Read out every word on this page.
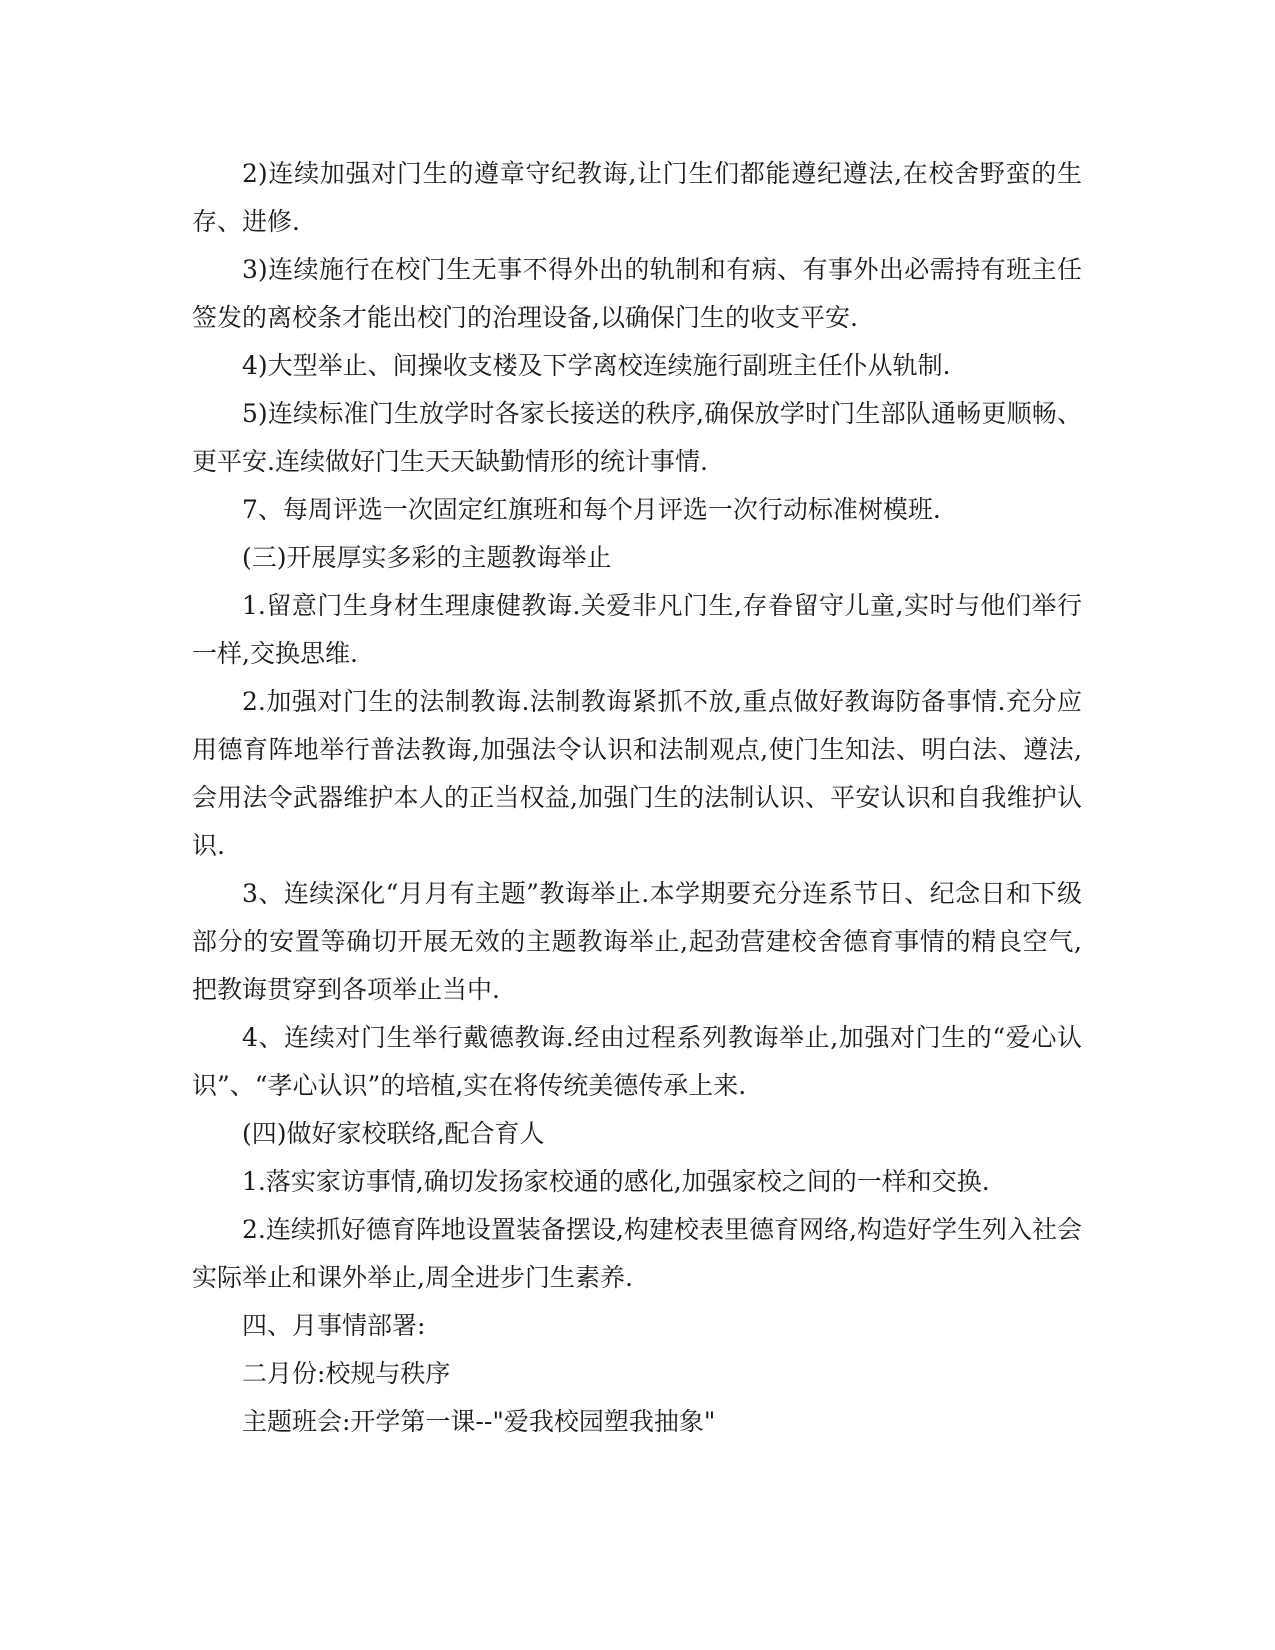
2)连续加强对门生的遵章守纪教诲,让门生们都能遵纪遵法,在校舍野蛮的生存、进修.

3)连续施行在校门生无事不得外出的轨制和有病、有事外出必需持有班主任签发的离校条才能出校门的治理设备,以确保门生的收支平安.

4)大型举止、间操收支楼及下学离校连续施行副班主任仆从轨制.

5)连续标准门生放学时各家长接送的秩序,确保放学时门生部队通畅更顺畅、更平安.连续做好门生天天缺勤情形的统计事情.

7、每周评选一次固定红旗班和每个月评选一次行动标准树模班.

(三)开展厚实多彩的主题教诲举止

1.留意门生身材生理康健教诲.关爱非凡门生,存眷留守儿童,实时与他们举行一样,交换思维.

2.加强对门生的法制教诲.法制教诲紧抓不放,重点做好教诲防备事情.充分应用德育阵地举行普法教诲,加强法令认识和法制观点,使门生知法、明白法、遵法,会用法令武器维护本人的正当权益,加强门生的法制认识、平安认识和自我维护认识.

3、连续深化“月月有主题”教诲举止.本学期要充分连系节日、纪念日和下级部分的安置等确切开展无效的主题教诲举止,起劲营建校舍德育事情的精良空气,把教诲贯穿到各项举止当中.

4、连续对门生举行戴德教诲.经由过程系列教诲举止,加强对门生的“爱心认识”、“孝心认识”的培植,实在将传统美德传承上来.

(四)做好家校联络,配合育人

1.落实家访事情,确切发扬家校通的感化,加强家校之间的一样和交换.

2.连续抓好德育阵地设置装备摆设,构建校表里德育网络,构造好学生列入社会实际举止和课外举止,周全进步门生素养.

四、月事情部署:

二月份:校规与秩序

主题班会:开学第一课--"爱我校园塑我抽象"
